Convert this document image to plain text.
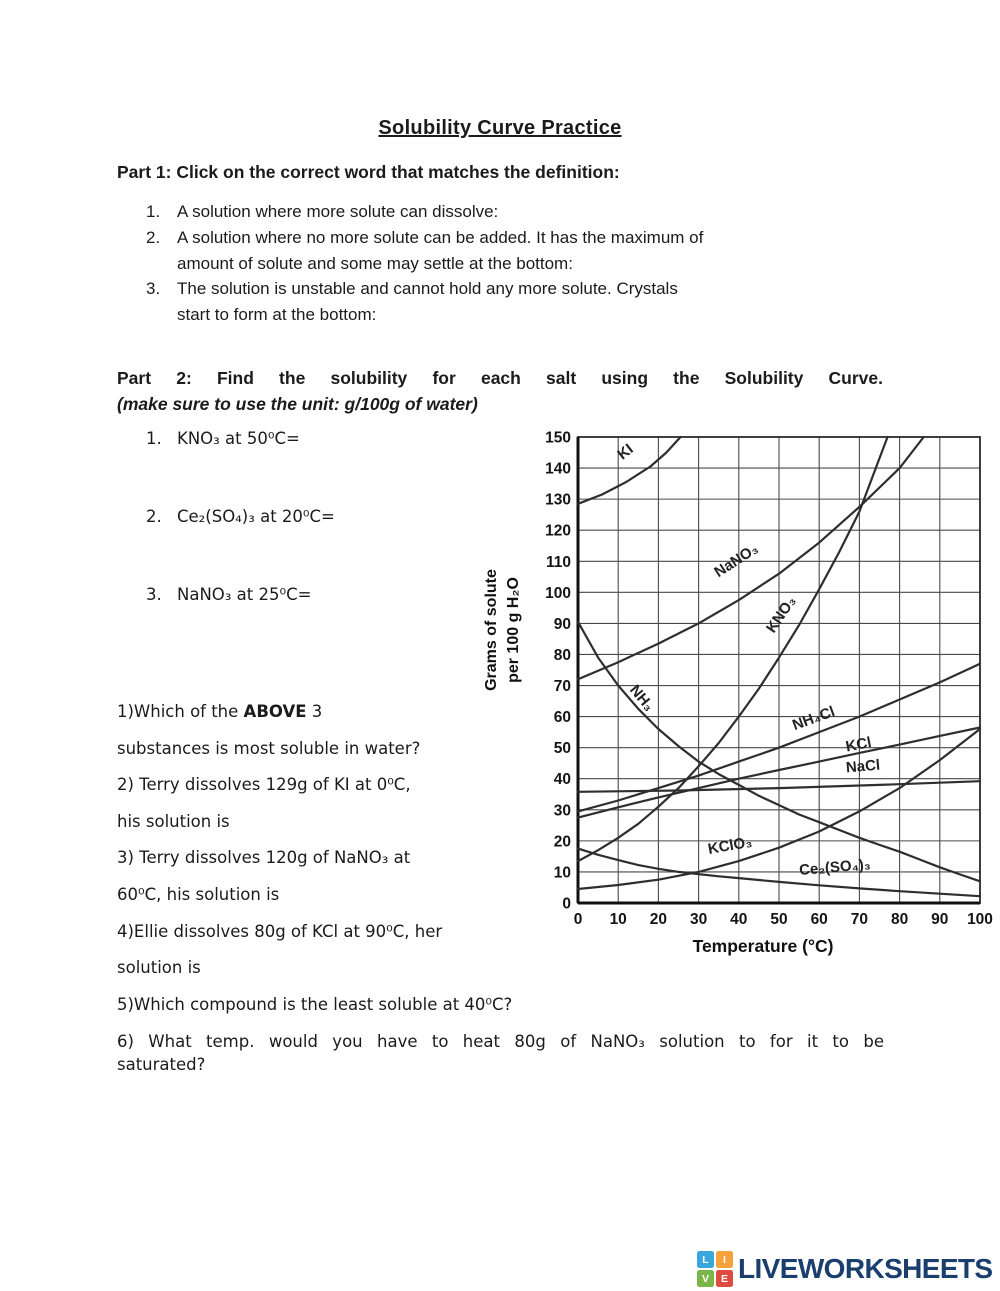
Solubility Curve Practice
Part 1: Click on the correct word that matches the definition:
1. A solution where more solute can dissolve:
2. A solution where no more solute can be added. It has the maximum of
amount of solute and some may settle at the bottom:
3. The solution is unstable and cannot hold any more solute. Crystals
start to form at the bottom:
Part 2: Find the solubility for each salt using the Solubility Curve.
(make sure to use the unit: g/100g of water)
1. KNO₃ at 50⁰C=
2. Ce₂(SO₄)₃ at 20⁰C=
3. NaNO₃ at 25⁰C=
0 10 20 30 40 50 60 70 80 90 100
0
10
20
30
40
50
60
70
80
90
100
110
120
130
140
150
KI
NaNO₃
KNO₃
NH₃
NH₄Cl
KCl
NaCl
KClO₃
Ce₂(SO₄)₃
Temperature (°C)
Grams of solute per 100 g H₂O
1)Which of the ABOVE 3
substances is most soluble in water?
2) Terry dissolves 129g of KI at 0⁰C,
his solution is
3) Terry dissolves 120g of NaNO₃ at
60⁰C, his solution is
4)Ellie dissolves 80g of KCl at 90⁰C, her
solution is
5)Which compound is the least soluble at 40⁰C?
6) What temp. would you have to heat 80g of NaNO₃ solution to for it to be
saturated?
L	I
V	E LIVEWORKSHEETS
